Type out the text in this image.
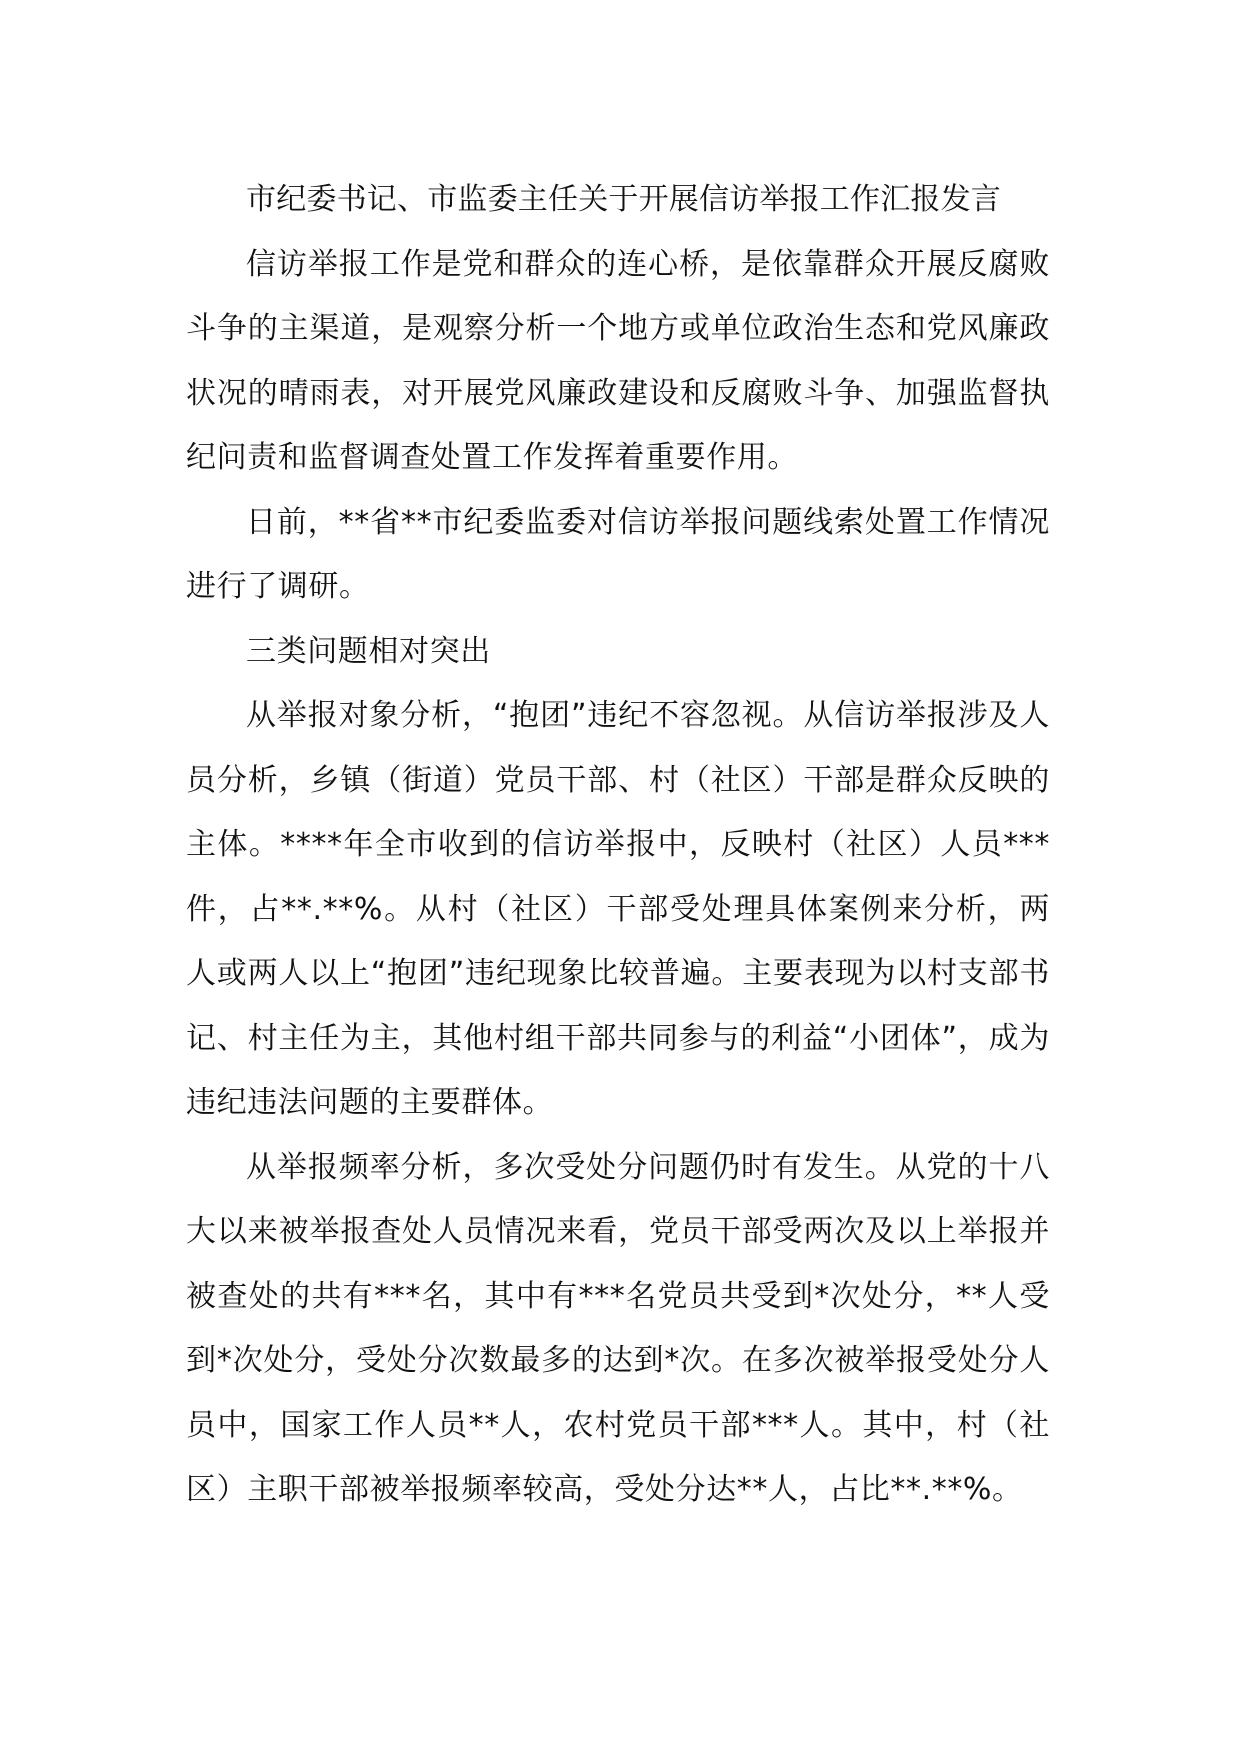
市纪委书记、市监委主任关于开展信访举报工作汇报发言

信访举报工作是党和群众的连心桥，是依靠群众开展反腐败斗争的主渠道，是观察分析一个地方或单位政治生态和党风廉政状况的晴雨表，对开展党风廉政建设和反腐败斗争、加强监督执纪问责和监督调查处置工作发挥着重要作用。

日前，**省**市纪委监委对信访举报问题线索处置工作情况进行了调研。

三类问题相对突出

从举报对象分析，“抱团”违纪不容忽视。从信访举报涉及人员分析，乡镇（街道）党员干部、村（社区）干部是群众反映的主体。****年全市收到的信访举报中，反映村（社区）人员***件，占**.**%。从村（社区）干部受处理具体案例来分析，两人或两人以上“抱团”违纪现象比较普遍。主要表现为以村支部书记、村主任为主，其他村组干部共同参与的利益“小团体”，成为违纪违法问题的主要群体。

从举报频率分析，多次受处分问题仍时有发生。从党的十八大以来被举报查处人员情况来看，党员干部受两次及以上举报并被查处的共有***名，其中有***名党员共受到*次处分，**人受到*次处分，受处分次数最多的达到*次。在多次被举报受处分人员中，国家工作人员**人，农村党员干部***人。其中，村（社区）主职干部被举报频率较高，受处分达**人，占比**.**%。
